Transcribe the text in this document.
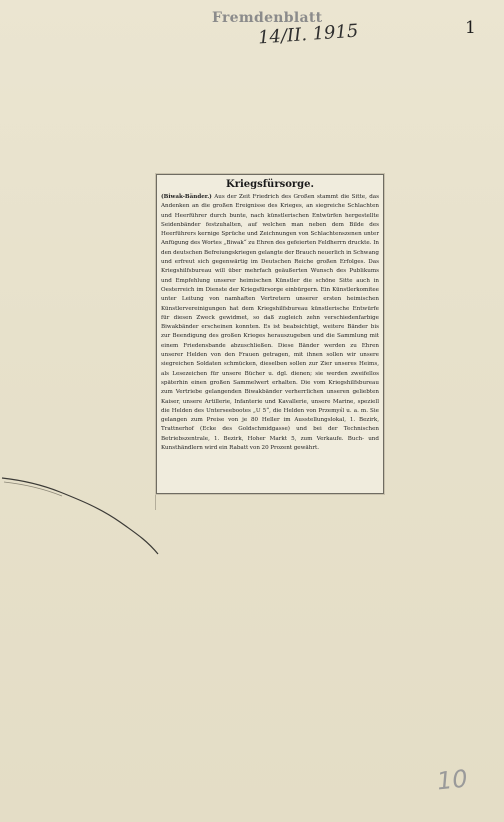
Fremdenblatt
14/II. 1915	1
Kriegsfürsorge.
(Biwak-Bänder.) Aus der Zeit Friedrich des Großen stammt die Sitte, das Andenken an die großen Ereignisse des Krieges, an siegreiche Schlachten und Heerführer durch bunte, nach künstlerischen Entwürfen hergestellte Seidenbänder festzuhalten, auf welchen man neben dem Bilde des Heerführers kernige Sprüche und Zeichnungen von Schlachtenszenen unter Anfügung des Wortes „Biwak“ zu Ehren des gefeierten Feldherrn druckte. In den deutschen Befreiungskriegen gelangte der Brauch neuerlich in Schwang und erfreut sich gegenwärtig im Deutschen Reiche großen Erfolges. Das Kriegshilfsbureau will über mehrfach geäußerten Wunsch des Publikums und Empfehlung unserer heimischen Künstler die schöne Sitte auch in Oesterreich im Dienste der Kriegsfürsorge einbürgern. Ein Künstlerkomitee unter Leitung von namhaften Vertretern unserer ersten heimischen Künstlervereinigungen hat dem Kriegshilfsbureau künstlerische Entwürfe für diesen Zweck gewidmet, so daß zugleich zehn verschiedenfarbige Biwakbänder erscheinen konnten. Es ist beabsichtigt, weitere Bänder bis zur Beendigung des großen Krieges herauszugeben und die Sammlung mit einem Friedensbande abzuschließen. Diese Bänder werden zu Ehren unserer Helden von den Frauen getragen, mit ihnen sollen wir unsere siegreichen Soldaten schmücken, dieselben sollen zur Zier unseres Heims, als Lesezeichen für unsere Bücher u. dgl. dienen; sie werden zweifellos späterhin einen großen Sammelwert erhalten. Die vom Kriegshilfsbureau zum Vertriebe gelangenden Biwakbänder verherrlichen unseren geliebten Kaiser, unsere Artillerie, Infanterie und Kavallerie, unsere Marine, speziell die Helden des Unterseebootes „U 5“, die Helden von Przemyśl u. a. m. Sie gelangen zum Preise von je 80 Heller im Ausstellungslokal, 1. Bezirk, Trattnerhof (Ecke des Goldschmidgasse) und bei der Technischen Betriebszentrale, 1. Bezirk, Hoher Markt 5, zum Verkaufe. Buch- und Kunsthändlern wird ein Rabatt von 20 Prozent gewährt.
10
